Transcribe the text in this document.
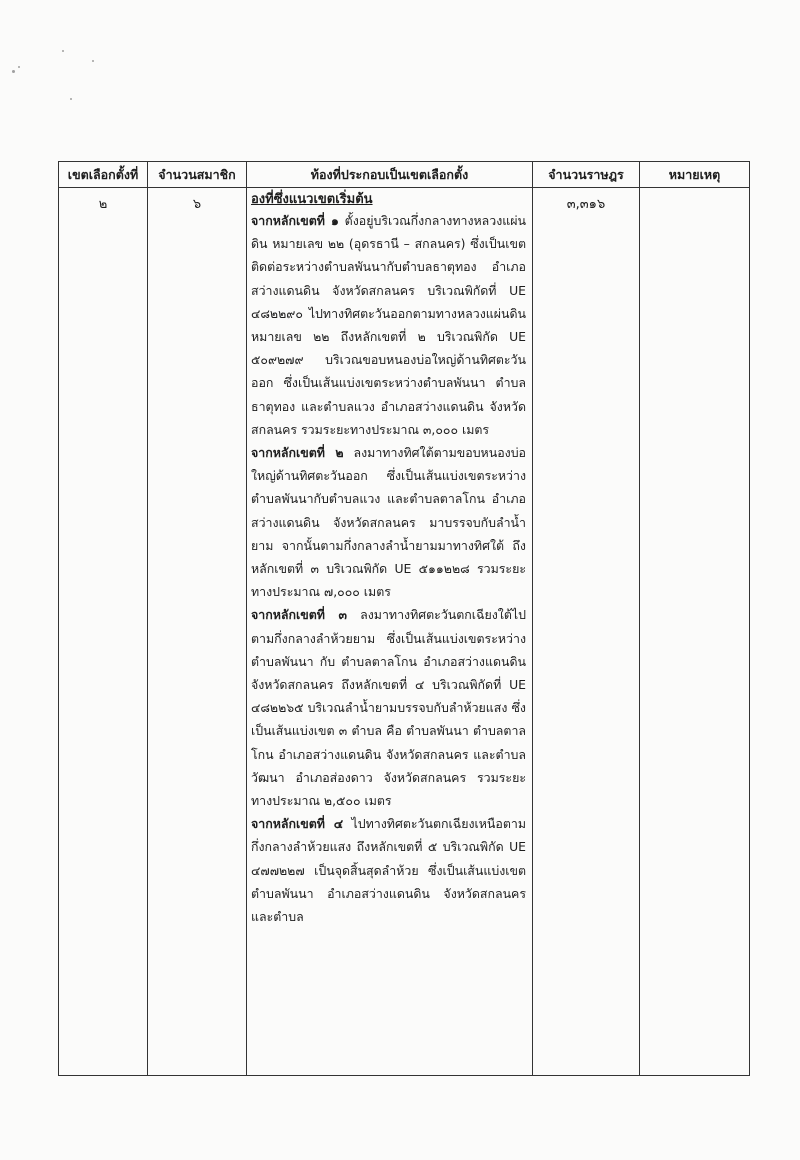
เขตเลือกตั้งที่	จำนวนสมาชิก	ท้องที่ประกอบเป็นเขตเลือกตั้ง	จำนวนราษฎร	หมายเหตุ

๒	๖	องที่ซึ่งแนวเขตเริ่มต้น

จากหลักเขตที่ ๑ ตั้งอยู่บริเวณกึ่งกลางทางหลวงแผ่นดิน หมายเลข ๒๒ (อุดรธานี – สกลนคร) ซึ่งเป็นเขตติดต่อระหว่างตำบลพันนากับตำบลธาตุทอง อำเภอสว่างแดนดิน จังหวัดสกลนคร บริเวณพิกัดที่ UE ๔๘๒๒๙๐ ไปทางทิศตะวันออกตามทางหลวงแผ่นดิน หมายเลข ๒๒ ถึงหลักเขตที่ ๒ บริเวณพิกัด UE ๕๐๙๒๗๙ บริเวณขอบหนองบ่อใหญ่ด้านทิศตะวันออก ซึ่งเป็นเส้นแบ่งเขตระหว่างตำบลพันนา ตำบลธาตุทอง และตำบลแวง อำเภอสว่างแดนดิน จังหวัดสกลนคร รวมระยะทางประมาณ ๓,๐๐๐ เมตร

จากหลักเขตที่ ๒ ลงมาทางทิศใต้ตามขอบหนองบ่อใหญ่ด้านทิศตะวันออก ซึ่งเป็นเส้นแบ่งเขตระหว่างตำบลพันนากับตำบลแวง และตำบลตาลโกน อำเภอสว่างแดนดิน จังหวัดสกลนคร มาบรรจบกับลำน้ำยาม จากนั้นตามกึ่งกลางลำน้ำยามมาทางทิศใต้ ถึงหลักเขตที่ ๓ บริเวณพิกัด UE ๕๑๑๒๒๘ รวมระยะทางประมาณ ๗,๐๐๐ เมตร

จากหลักเขตที่ ๓ ลงมาทางทิศตะวันตกเฉียงใต้ไปตามกึ่งกลางลำห้วยยาม ซึ่งเป็นเส้นแบ่งเขตระหว่างตำบลพันนา กับ ตำบลตาลโกน อำเภอสว่างแดนดิน จังหวัดสกลนคร ถึงหลักเขตที่ ๔ บริเวณพิกัดที่ UE ๔๘๒๒๖๕ บริเวณลำน้ำยามบรรจบกับลำห้วยแสง ซึ่งเป็นเส้นแบ่งเขต ๓ ตำบล คือ ตำบลพันนา ตำบลตาลโกน อำเภอสว่างแดนดิน จังหวัดสกลนคร และตำบลวัฒนา อำเภอส่องดาว จังหวัดสกลนคร รวมระยะทางประมาณ ๒,๕๐๐ เมตร

จากหลักเขตที่ ๔ ไปทางทิศตะวันตกเฉียงเหนือตามกึ่งกลางลำห้วยแสง ถึงหลักเขตที่ ๕ บริเวณพิกัด UE ๔๗๗๒๒๗ เป็นจุดสิ้นสุดลำห้วย ซึ่งเป็นเส้นแบ่งเขตตำบลพันนา อำเภอสว่างแดนดิน จังหวัดสกลนคร และตำบล	๓,๓๑๖	
